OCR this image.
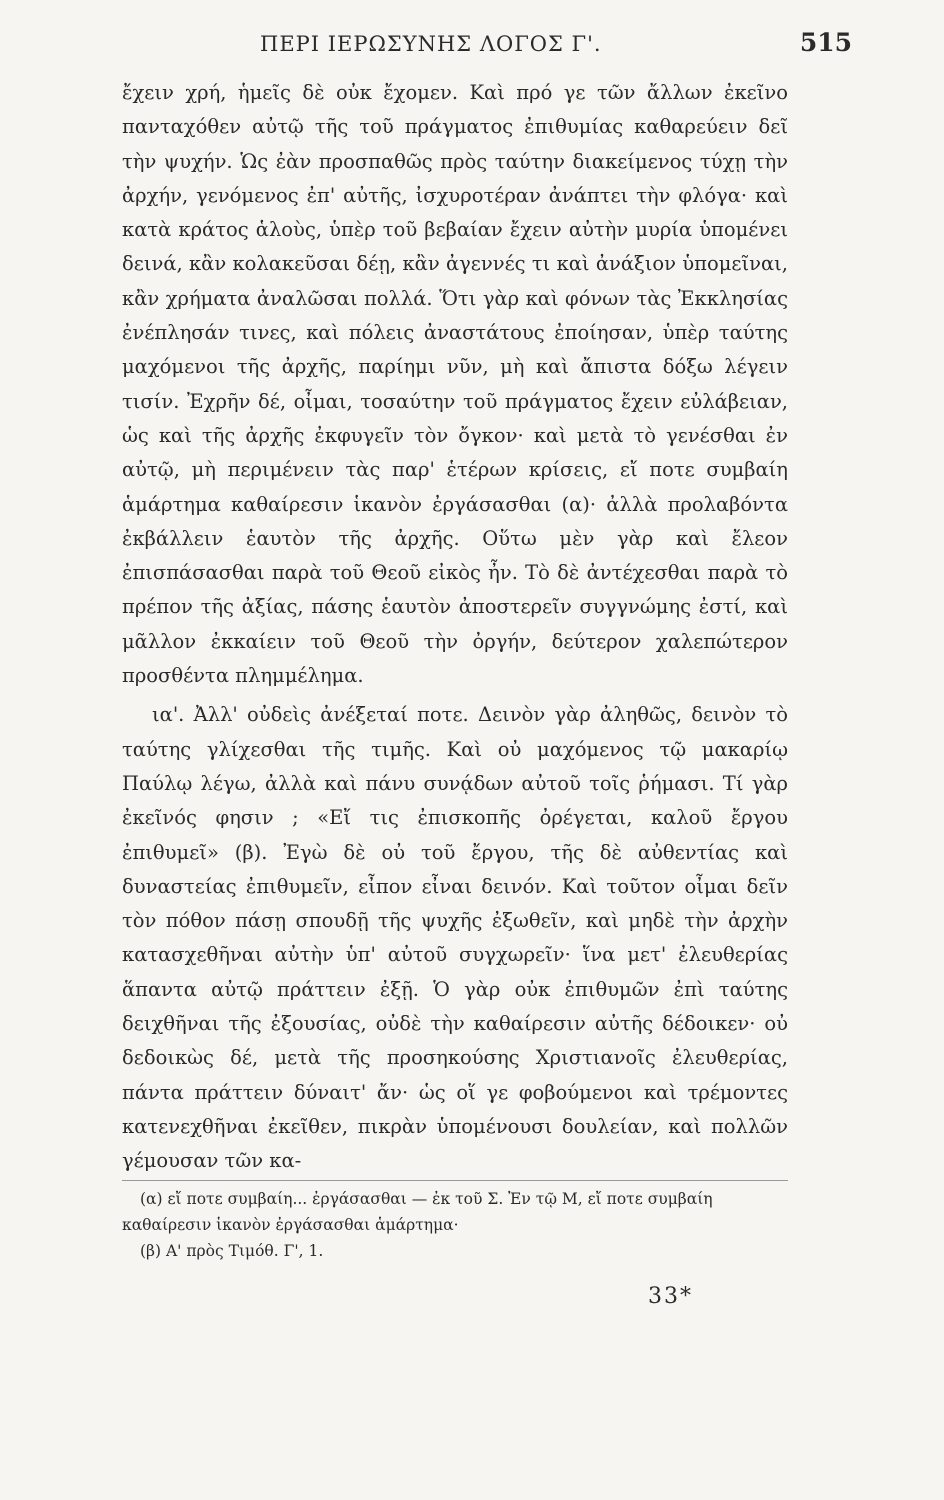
ΠΕΡΙ ΙΕΡΩΣΥΝΗΣ ΛΟΓΟΣ Γ'.	515

ἔχειν χρή, ἡμεῖς δὲ οὐκ ἔχομεν. Καὶ πρό γε τῶν ἄλλων ἐκεῖνο πανταχόθεν αὐτῷ τῆς τοῦ πράγματος ἐπιθυμίας καθαρεύειν δεῖ τὴν ψυχήν. Ὡς ἐὰν προσπαθῶς πρὸς ταύτην διακείμενος τύχῃ τὴν ἀρχήν, γενόμενος ἐπ' αὐτῆς, ἰσχυροτέραν ἀνάπτει τὴν φλόγα· καὶ κατὰ κράτος ἁλοὺς, ὑπὲρ τοῦ βεβαίαν ἔχειν αὐτὴν μυρία ὑπομένει δεινά, κἂν κολακεῦσαι δέῃ, κἂν ἀγεννές τι καὶ ἀνάξιον ὑπομεῖναι, κἂν χρήματα ἀναλῶσαι πολλά. Ὅτι γὰρ καὶ φόνων τὰς Ἐκκλησίας ἐνέπλησάν τινες, καὶ πόλεις ἀναστάτους ἐποίησαν, ὑπὲρ ταύτης μαχόμενοι τῆς ἀρχῆς, παρίημι νῦν, μὴ καὶ ἄπιστα δόξω λέγειν τισίν. Ἐχρῆν δέ, οἶμαι, τοσαύτην τοῦ πράγματος ἔχειν εὐλάβειαν, ὡς καὶ τῆς ἀρχῆς ἐκφυγεῖν τὸν ὄγκον· καὶ μετὰ τὸ γενέσθαι ἐν αὐτῷ, μὴ περιμένειν τὰς παρ' ἑτέρων κρίσεις, εἴ ποτε συμβαίη ἁμάρτημα καθαίρεσιν ἱκανὸν ἐργάσασθαι (α)· ἀλλὰ προλαβόντα ἐκβάλλειν ἑαυτὸν τῆς ἀρχῆς. Οὕτω μὲν γὰρ καὶ ἔλεον ἐπισπάσασθαι παρὰ τοῦ Θεοῦ εἰκὸς ἦν. Τὸ δὲ ἀντέχεσθαι παρὰ τὸ πρέπον τῆς ἀξίας, πάσης ἑαυτὸν ἀποστερεῖν συγγνώμης ἐστί, καὶ μᾶλλον ἐκκαίειν τοῦ Θεοῦ τὴν ὀργήν, δεύτερον χαλεπώτερον προσθέντα πλημμέλημα.

ια'. Ἀλλ' οὐδεὶς ἀνέξεταί ποτε. Δεινὸν γὰρ ἀληθῶς, δεινὸν τὸ ταύτης γλίχεσθαι τῆς τιμῆς. Καὶ οὐ μαχόμενος τῷ μακαρίῳ Παύλῳ λέγω, ἀλλὰ καὶ πάνυ συνᾴδων αὐτοῦ τοῖς ῥήμασι. Τί γὰρ ἐκεῖνός φησιν ; «Εἴ τις ἐπισκοπῆς ὀρέγεται, καλοῦ ἔργου ἐπιθυμεῖ» (β). Ἐγὼ δὲ οὐ τοῦ ἔργου, τῆς δὲ αὐθεντίας καὶ δυναστείας ἐπιθυμεῖν, εἶπον εἶναι δεινόν. Καὶ τοῦτον οἶμαι δεῖν τὸν πόθον πάσῃ σπουδῇ τῆς ψυχῆς ἐξωθεῖν, καὶ μηδὲ τὴν ἀρχὴν κατασχεθῆναι αὐτὴν ὑπ' αὐτοῦ συγχωρεῖν· ἵνα μετ' ἐλευθερίας ἅπαντα αὐτῷ πράττειν ἐξῇ. Ὁ γὰρ οὐκ ἐπιθυμῶν ἐπὶ ταύτης δειχθῆναι τῆς ἐξουσίας, οὐδὲ τὴν καθαίρεσιν αὐτῆς δέδοικεν· οὐ δεδοικὼς δέ, μετὰ τῆς προσηκούσης Χριστιανοῖς ἐλευθερίας, πάντα πράττειν δύναιτ' ἄν· ὡς οἵ γε φοβούμενοι καὶ τρέμοντες κατενεχθῆναι ἐκεῖθεν, πικρὰν ὑπομένουσι δουλείαν, καὶ πολλῶν γέμουσαν τῶν κα-

(α) εἴ ποτε συμβαίη... ἐργάσασθαι — ἐκ τοῦ Σ. Ἐν τῷ Μ, εἴ ποτε συμβαίη καθαίρεσιν ἱκανὸν ἐργάσασθαι ἁμάρτημα·

(β) Α' πρὸς Τιμόθ. Γ', 1.

33*
